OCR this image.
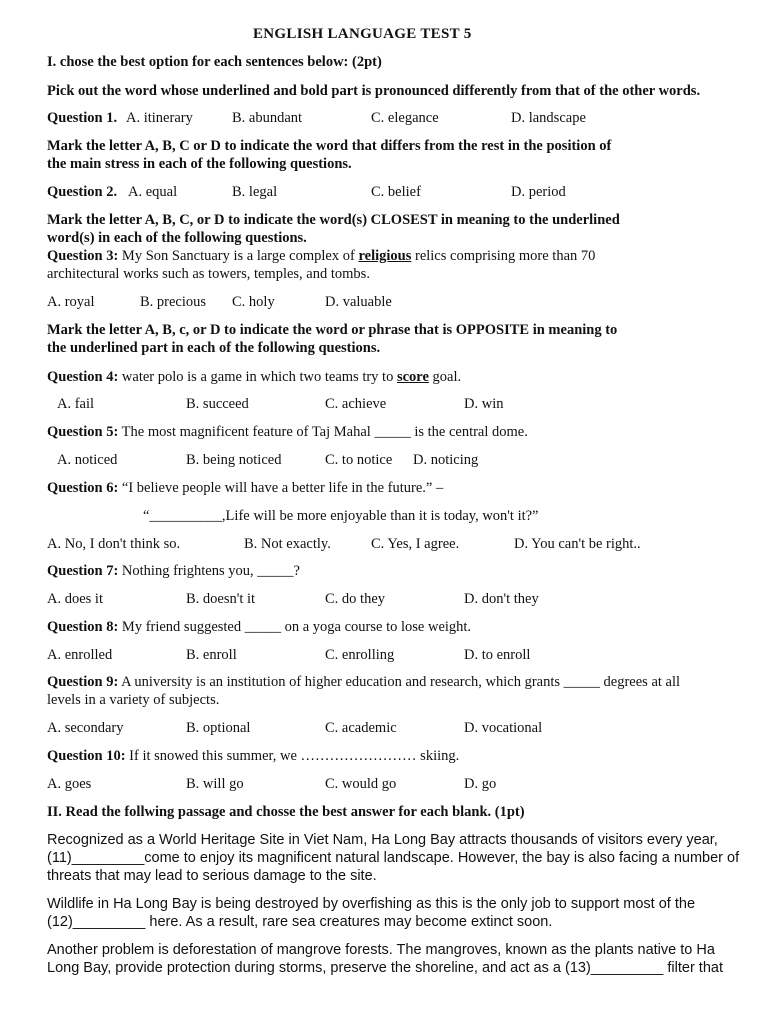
ENGLISH LANGUAGE TEST 5
I. chose the best option for each sentences below: (2pt)
Pick out the word whose underlined and bold part is pronounced differently from that of the other words.
Question 1. A. itinerary	B. abundant	C. elegance	D. landscape
Mark the letter A, B, C or D to indicate the word that differs from the rest in the position of
the main stress in each of the following questions.
Question 2. A. equal	B. legal	C. belief	D. period
Mark the letter A, B, C, or D to indicate the word(s) CLOSEST in meaning to the underlined
word(s) in each of the following questions.
Question 3: My Son Sanctuary is a large complex of religious relics comprising more than 70
architectural works such as towers, temples, and tombs.
A. royal	B. precious C. holy	D. valuable
Mark the letter A, B, c, or D to indicate the word or phrase that is OPPOSITE in meaning to
the underlined part in each of the following questions.
Question 4: water polo is a game in which two teams try to score goal.
A. fail	B. succeed	C. achieve	D. win
Question 5: The most magnificent feature of Taj Mahal _____ is the central dome.
A. noticed	B. being noticed	C. to notice D. noticing
Question 6: “I believe people will have a better life in the future.” –
“__________,Life will be more enjoyable than it is today, won't it?”
A. No, I don't think so.	B. Not exactly.	C. Yes, I agree.	D. You can't be right..
Question 7: Nothing frightens you, _____?
A. does it	B. doesn't it	C. do they	D. don't they
Question 8: My friend suggested _____ on a yoga course to lose weight.
A. enrolled	B. enroll	C. enrolling	D. to enroll
Question 9: A university is an institution of higher education and research, which grants _____ degrees at all
levels in a variety of subjects.
A. secondary	B. optional	C. academic	D. vocational
Question 10: If it snowed this summer, we …………………… skiing.
A. goes	B. will go	C. would go	D. go
II. Read the follwing passage and chosse the best answer for each blank. (1pt)
Recognized as a World Heritage Site in Viet Nam, Ha Long Bay attracts thousands of visitors every year,
(11)_________come to enjoy its magnificent natural landscape. However, the bay is also facing a number of
threats that may lead to serious damage to the site.
Wildlife in Ha Long Bay is being destroyed by overfishing as this is the only job to support most of the
(12)_________ here. As a result, rare sea creatures may become extinct soon.
Another problem is deforestation of mangrove forests. The mangroves, known as the plants native to Ha
Long Bay, provide protection during storms, preserve the shoreline, and act as a (13)_________ filter that
